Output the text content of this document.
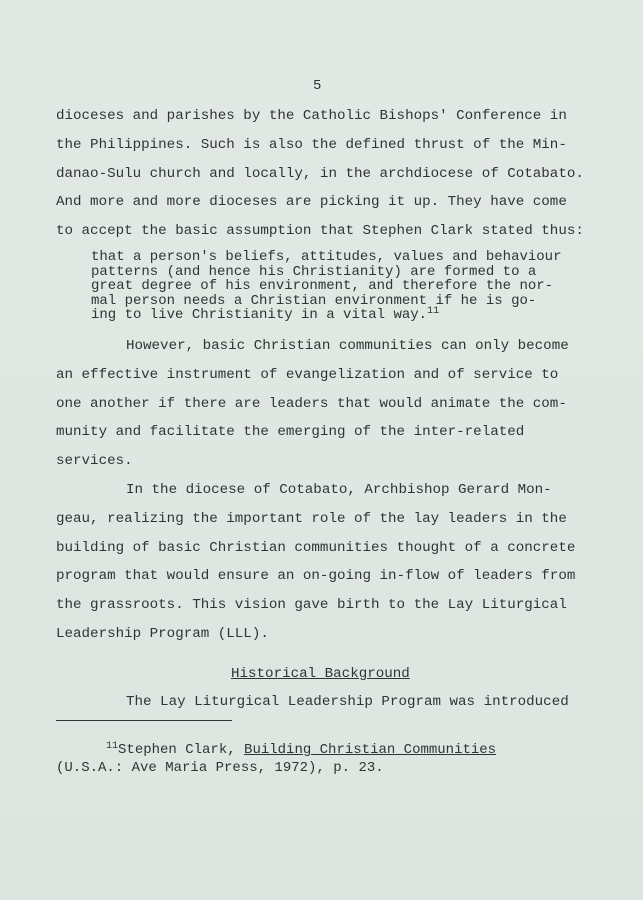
5
dioceses and parishes by the Catholic Bishops' Conference in
the Philippines. Such is also the defined thrust of the Min-
danao-Sulu church and locally, in the archdiocese of Cotabato.
And more and more dioceses are picking it up. They have come
to accept the basic assumption that Stephen Clark stated thus:
that a person's beliefs, attitudes, values and behaviour
patterns (and hence his Christianity) are formed to a
great degree of his environment, and therefore the nor-
mal person needs a Christian environment if he is go-
ing to live Christianity in a vital way.$^{11}$
However, basic Christian communities can only become
an effective instrument of evangelization and of service to
one another if there are leaders that would animate the com-
munity and facilitate the emerging of the inter-related
services.
In the diocese of Cotabato, Archbishop Gerard Mon-
geau, realizing the important role of the lay leaders in the
building of basic Christian communities thought of a concrete
program that would ensure an on-going in-flow of leaders from
the grassroots. This vision gave birth to the Lay Liturgical
Leadership Program (LLL).
Historical Background
The Lay Liturgical Leadership Program was introduced
$^{11}$Stephen Clark, Building Christian Communities
(U.S.A.: Ave Maria Press, 1972), p. 23.
